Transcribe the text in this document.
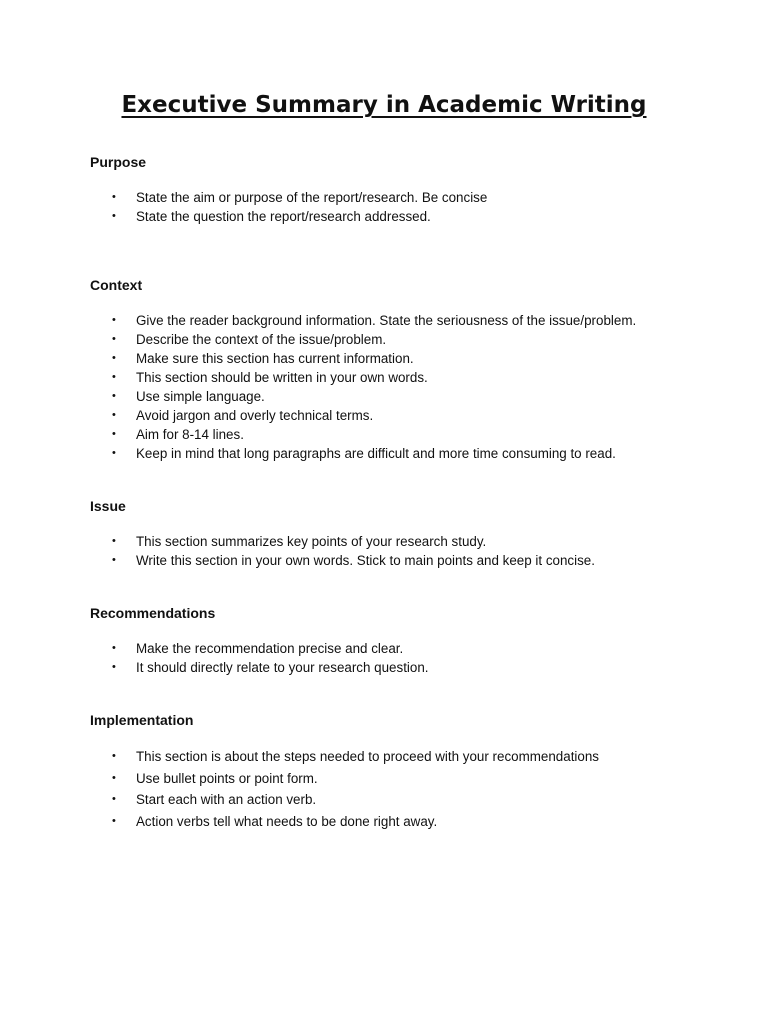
Executive Summary in Academic Writing
Purpose
• State the aim or purpose of the report/research. Be concise
• State the question the report/research addressed.
Context
• Give the reader background information. State the seriousness of the issue/problem.
• Describe the context of the issue/problem.
• Make sure this section has current information.
• This section should be written in your own words.
• Use simple language.
• Avoid jargon and overly technical terms.
• Aim for 8-14 lines.
• Keep in mind that long paragraphs are difficult and more time consuming to read.
Issue
• This section summarizes key points of your research study.
• Write this section in your own words. Stick to main points and keep it concise.
Recommendations
• Make the recommendation precise and clear.
• It should directly relate to your research question.
Implementation
• This section is about the steps needed to proceed with your recommendations
• Use bullet points or point form.
• Start each with an action verb.
• Action verbs tell what needs to be done right away.
